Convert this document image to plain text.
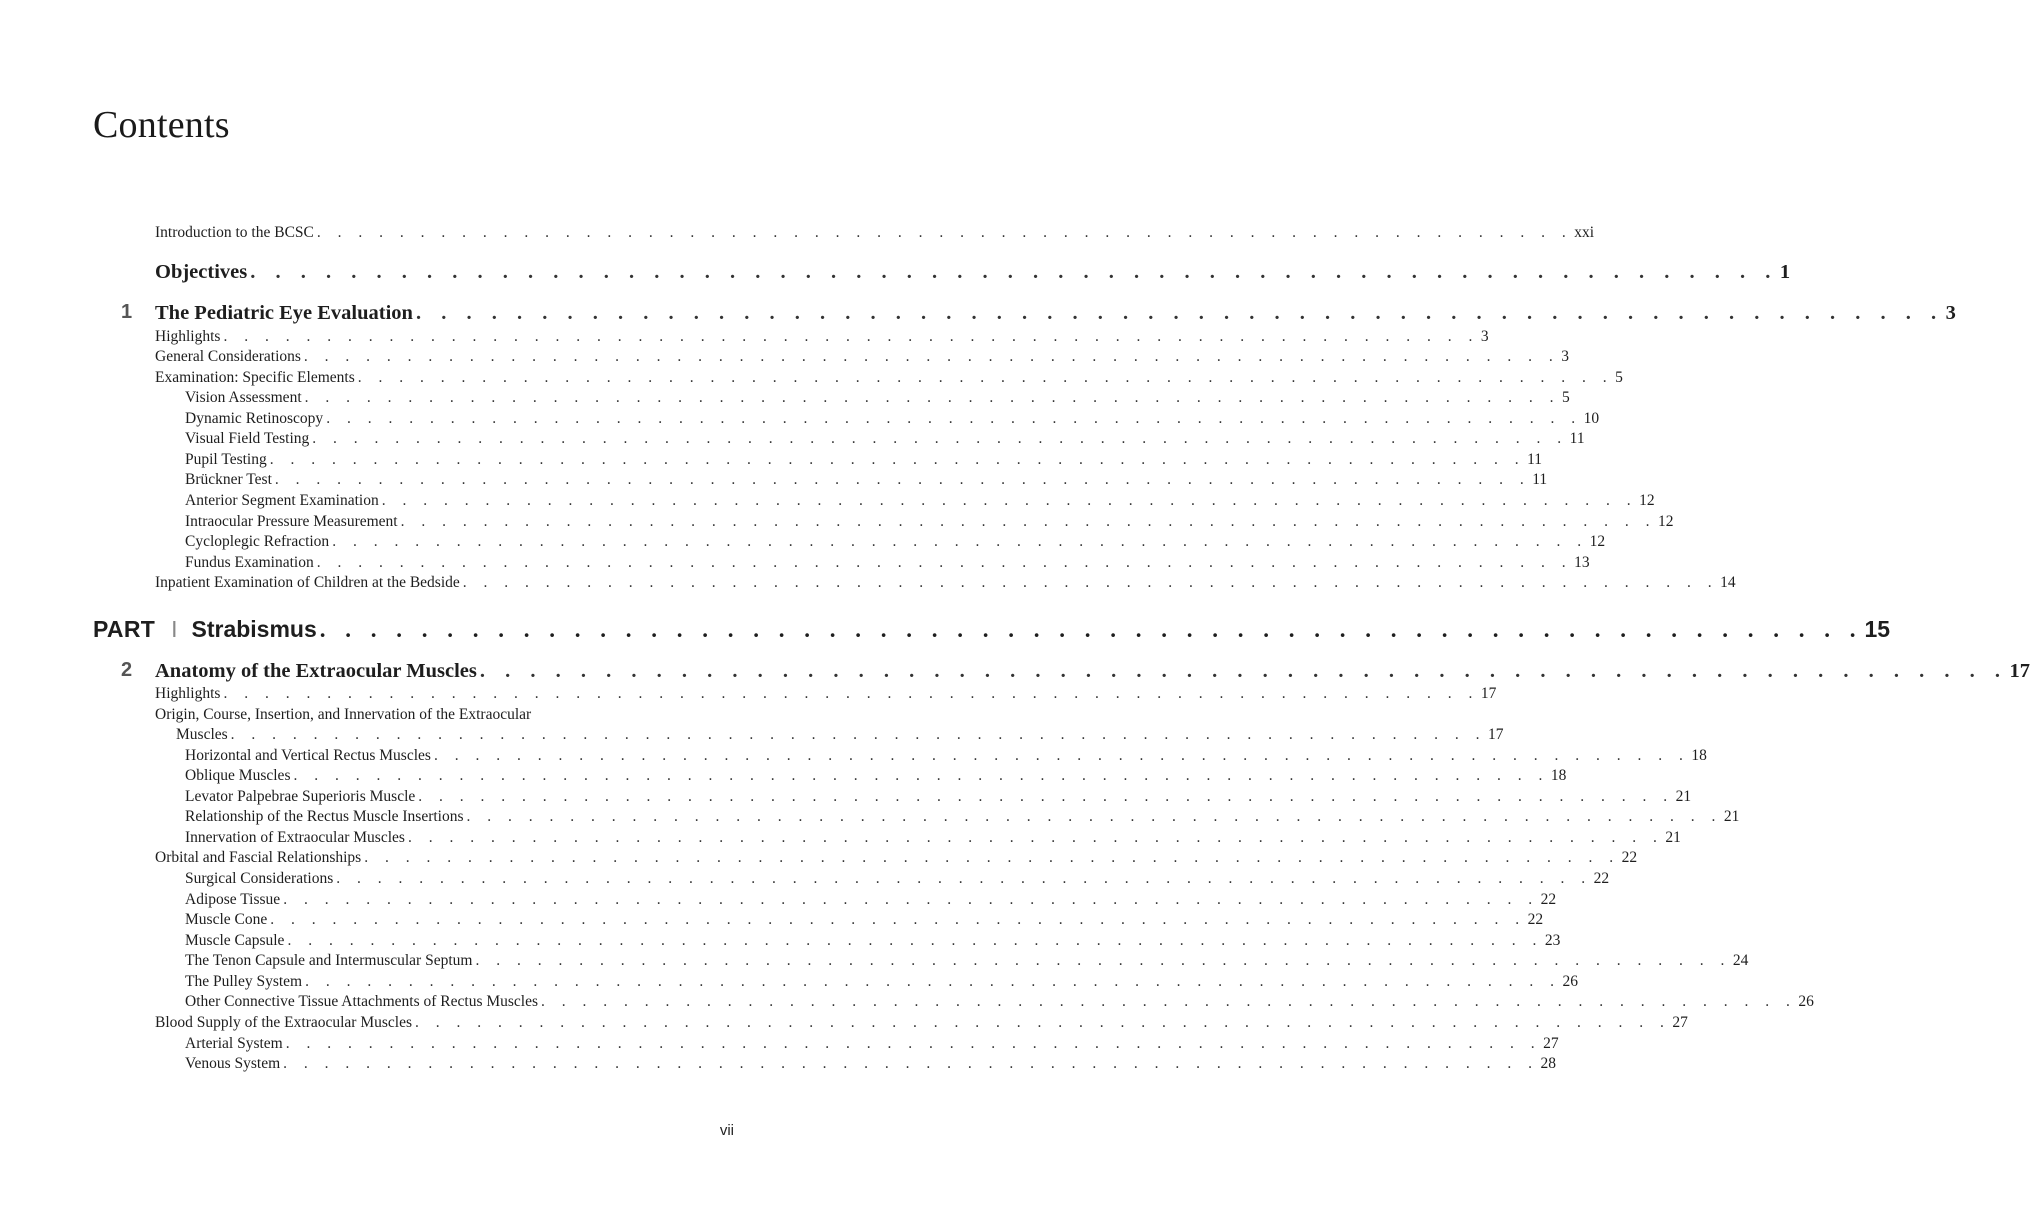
Contents
Introduction to the BCSC . . . . . . . . . . . . . . . . . . . . . . . . . . . . . . . . . . . . . . . . . . . . . . . . . . . . . . . . . . . . . xxi
Objectives . . . . . . . . . . . . . . . . . . . . . . . . . . . . . . . . . . . . . . . . . . . . . . . . . . . . . . . . . . . . . 1
1 The Pediatric Eye Evaluation . . . . . . . . . . . . . . . . . . . . . . . . . . . . . . . . . . . . . . . . . . . . . . . . . . . . . . . . . . . . . 3
Highlights . . . . . . . . . . . . . . . . . . . . . . . . . . . . . . . . . . . . . . . . . . . . . . . . . . . . . . . . . . . . . 3
General Considerations . . . . . . . . . . . . . . . . . . . . . . . . . . . . . . . . . . . . . . . . . . . . . . . . . . . . . . . . . . . . . 3
Examination: Specific Elements . . . . . . . . . . . . . . . . . . . . . . . . . . . . . . . . . . . . . . . . . . . . . . . . . . . . . . . . . . . . . 5
Vision Assessment . . . . . . . . . . . . . . . . . . . . . . . . . . . . . . . . . . . . . . . . . . . . . . . . . . . . . . . . . . . . . 5
Dynamic Retinoscopy . . . . . . . . . . . . . . . . . . . . . . . . . . . . . . . . . . . . . . . . . . . . . . . . . . . . . . . . . . . . . 10
Visual Field Testing . . . . . . . . . . . . . . . . . . . . . . . . . . . . . . . . . . . . . . . . . . . . . . . . . . . . . . . . . . . . . 11
Pupil Testing . . . . . . . . . . . . . . . . . . . . . . . . . . . . . . . . . . . . . . . . . . . . . . . . . . . . . . . . . . . . . 11
Brückner Test . . . . . . . . . . . . . . . . . . . . . . . . . . . . . . . . . . . . . . . . . . . . . . . . . . . . . . . . . . . . . 11
Anterior Segment Examination . . . . . . . . . . . . . . . . . . . . . . . . . . . . . . . . . . . . . . . . . . . . . . . . . . . . . . . . . . . . . 12
Intraocular Pressure Measurement . . . . . . . . . . . . . . . . . . . . . . . . . . . . . . . . . . . . . . . . . . . . . . . . . . . . . . . . . . . . . 12
Cycloplegic Refraction . . . . . . . . . . . . . . . . . . . . . . . . . . . . . . . . . . . . . . . . . . . . . . . . . . . . . . . . . . . . . 12
Fundus Examination . . . . . . . . . . . . . . . . . . . . . . . . . . . . . . . . . . . . . . . . . . . . . . . . . . . . . . . . . . . . . 13
Inpatient Examination of Children at the Bedside . . . . . . . . . . . . . . . . . . . . . . . . . . . . . . . . . . . . . . . . . . . . . . . . . . . . . . . . . . . . . 14
PART I Strabismus . . . . . . . . . . . . . . . . . . . . . . . . . . . . . . . . . . . . . . . . . . . . . . . . . . . . . . . . . . . . . 15
2 Anatomy of the Extraocular Muscles . . . . . . . . . . . . . . . . . . . . . . . . . . . . . . . . . . . . . . . . . . . . . . . . . . . . . . . . . . . . . 17
Highlights . . . . . . . . . . . . . . . . . . . . . . . . . . . . . . . . . . . . . . . . . . . . . . . . . . . . . . . . . . . . . 17
Origin, Course, Insertion, and Innervation of the Extraocular
Muscles . . . . . . . . . . . . . . . . . . . . . . . . . . . . . . . . . . . . . . . . . . . . . . . . . . . . . . . . . . . . . 17
Horizontal and Vertical Rectus Muscles . . . . . . . . . . . . . . . . . . . . . . . . . . . . . . . . . . . . . . . . . . . . . . . . . . . . . . . . . . . . . 18
Oblique Muscles . . . . . . . . . . . . . . . . . . . . . . . . . . . . . . . . . . . . . . . . . . . . . . . . . . . . . . . . . . . . . 18
Levator Palpebrae Superioris Muscle . . . . . . . . . . . . . . . . . . . . . . . . . . . . . . . . . . . . . . . . . . . . . . . . . . . . . . . . . . . . . 21
Relationship of the Rectus Muscle Insertions . . . . . . . . . . . . . . . . . . . . . . . . . . . . . . . . . . . . . . . . . . . . . . . . . . . . . . . . . . . . . 21
Innervation of Extraocular Muscles . . . . . . . . . . . . . . . . . . . . . . . . . . . . . . . . . . . . . . . . . . . . . . . . . . . . . . . . . . . . . 21
Orbital and Fascial Relationships . . . . . . . . . . . . . . . . . . . . . . . . . . . . . . . . . . . . . . . . . . . . . . . . . . . . . . . . . . . . . 22
Surgical Considerations . . . . . . . . . . . . . . . . . . . . . . . . . . . . . . . . . . . . . . . . . . . . . . . . . . . . . . . . . . . . . 22
Adipose Tissue . . . . . . . . . . . . . . . . . . . . . . . . . . . . . . . . . . . . . . . . . . . . . . . . . . . . . . . . . . . . . 22
Muscle Cone . . . . . . . . . . . . . . . . . . . . . . . . . . . . . . . . . . . . . . . . . . . . . . . . . . . . . . . . . . . . . 22
Muscle Capsule . . . . . . . . . . . . . . . . . . . . . . . . . . . . . . . . . . . . . . . . . . . . . . . . . . . . . . . . . . . . . 23
The Tenon Capsule and Intermuscular Septum . . . . . . . . . . . . . . . . . . . . . . . . . . . . . . . . . . . . . . . . . . . . . . . . . . . . . . . . . . . . . 24
The Pulley System . . . . . . . . . . . . . . . . . . . . . . . . . . . . . . . . . . . . . . . . . . . . . . . . . . . . . . . . . . . . . 26
Other Connective Tissue Attachments of Rectus Muscles . . . . . . . . . . . . . . . . . . . . . . . . . . . . . . . . . . . . . . . . . . . . . . . . . . . . . . . . . . . . . 26
Blood Supply of the Extraocular Muscles . . . . . . . . . . . . . . . . . . . . . . . . . . . . . . . . . . . . . . . . . . . . . . . . . . . . . . . . . . . . . 27
Arterial System . . . . . . . . . . . . . . . . . . . . . . . . . . . . . . . . . . . . . . . . . . . . . . . . . . . . . . . . . . . . . 27
Venous System . . . . . . . . . . . . . . . . . . . . . . . . . . . . . . . . . . . . . . . . . . . . . . . . . . . . . . . . . . . . . 28
vii
